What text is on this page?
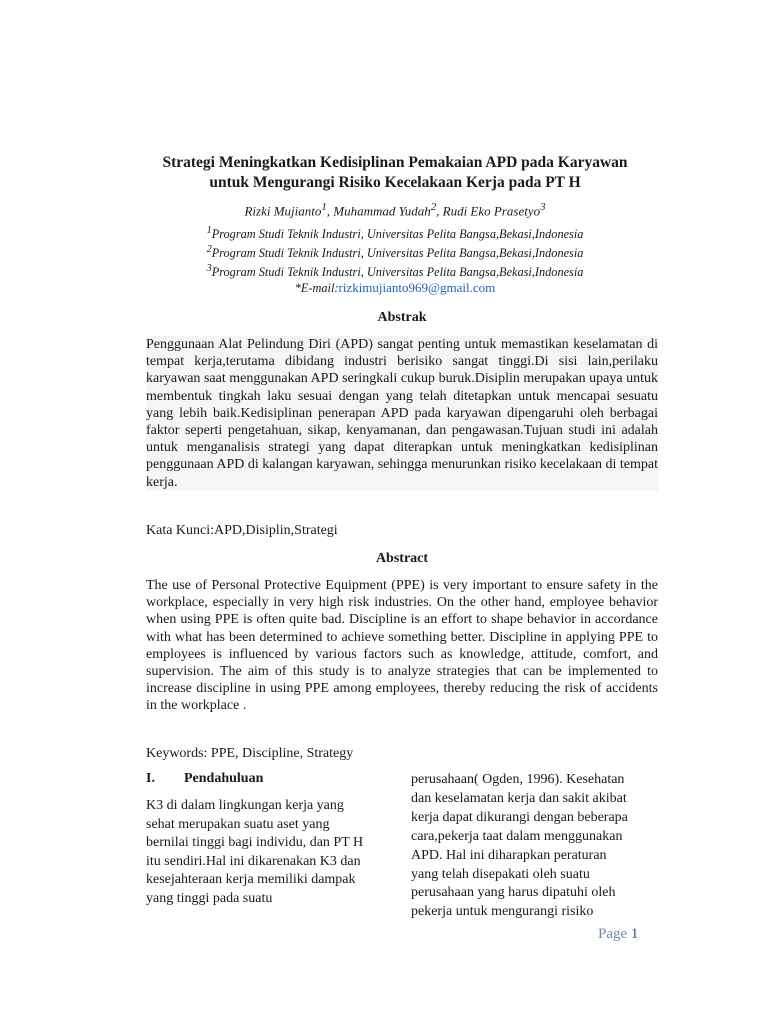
Strategi Meningkatkan Kedisiplinan Pemakaian APD pada Karyawan
untuk Mengurangi Risiko Kecelakaan Kerja pada PT H
Rizki Mujianto$^1$, Muhammad Yudah$^2$, Rudi Eko Prasetyo$^3$
$^1$Program Studi Teknik Industri, Universitas Pelita Bangsa,Bekasi,Indonesia
$^2$Program Studi Teknik Industri, Universitas Pelita Bangsa,Bekasi,Indonesia
$^3$Program Studi Teknik Industri, Universitas Pelita Bangsa,Bekasi,Indonesia
*E-mail:rizkimujianto969@gmail.com
Abstrak
Penggunaan Alat Pelindung Diri (APD) sangat penting untuk memastikan keselamatan di tempat kerja,terutama dibidang industri berisiko sangat tinggi.Di sisi lain,perilaku karyawan saat menggunakan APD seringkali cukup buruk.Disiplin merupakan upaya untuk membentuk tingkah laku sesuai dengan yang telah ditetapkan untuk mencapai sesuatu yang lebih baik.Kedisiplinan penerapan APD pada karyawan dipengaruhi oleh berbagai faktor seperti pengetahuan, sikap, kenyamanan, dan pengawasan.Tujuan studi ini adalah untuk menganalisis strategi yang dapat diterapkan untuk meningkatkan kedisiplinan penggunaan APD di kalangan karyawan, sehingga menurunkan risiko kecelakaan di tempat kerja.
Kata Kunci:APD,Disiplin,Strategi
Abstract
The use of Personal Protective Equipment (PPE) is very important to ensure safety in the workplace, especially in very high risk industries. On the other hand, employee behavior when using PPE is often quite bad. Discipline is an effort to shape behavior in accordance with what has been determined to achieve something better. Discipline in applying PPE to employees is influenced by various factors such as knowledge, attitude, comfort, and supervision. The aim of this study is to analyze strategies that can be implemented to increase discipline in using PPE among employees, thereby reducing the risk of accidents in the workplace .
Keywords: PPE, Discipline, Strategy
I. Pendahuluan
K3 di dalam lingkungan kerja yang
sehat merupakan suatu aset yang
bernilai tinggi bagi individu, dan PT H
itu sendiri.Hal ini dikarenakan K3 dan
kesejahteraan kerja memiliki dampak
yang tinggi pada suatu
perusahaan( Ogden, 1996). Kesehatan
dan keselamatan kerja dan sakit akibat
kerja dapat dikurangi dengan beberapa
cara,pekerja taat dalam menggunakan
APD. Hal ini diharapkan peraturan
yang telah disepakati oleh suatu
perusahaan yang harus dipatuhi oleh
pekerja untuk mengurangi risiko
Page 1
